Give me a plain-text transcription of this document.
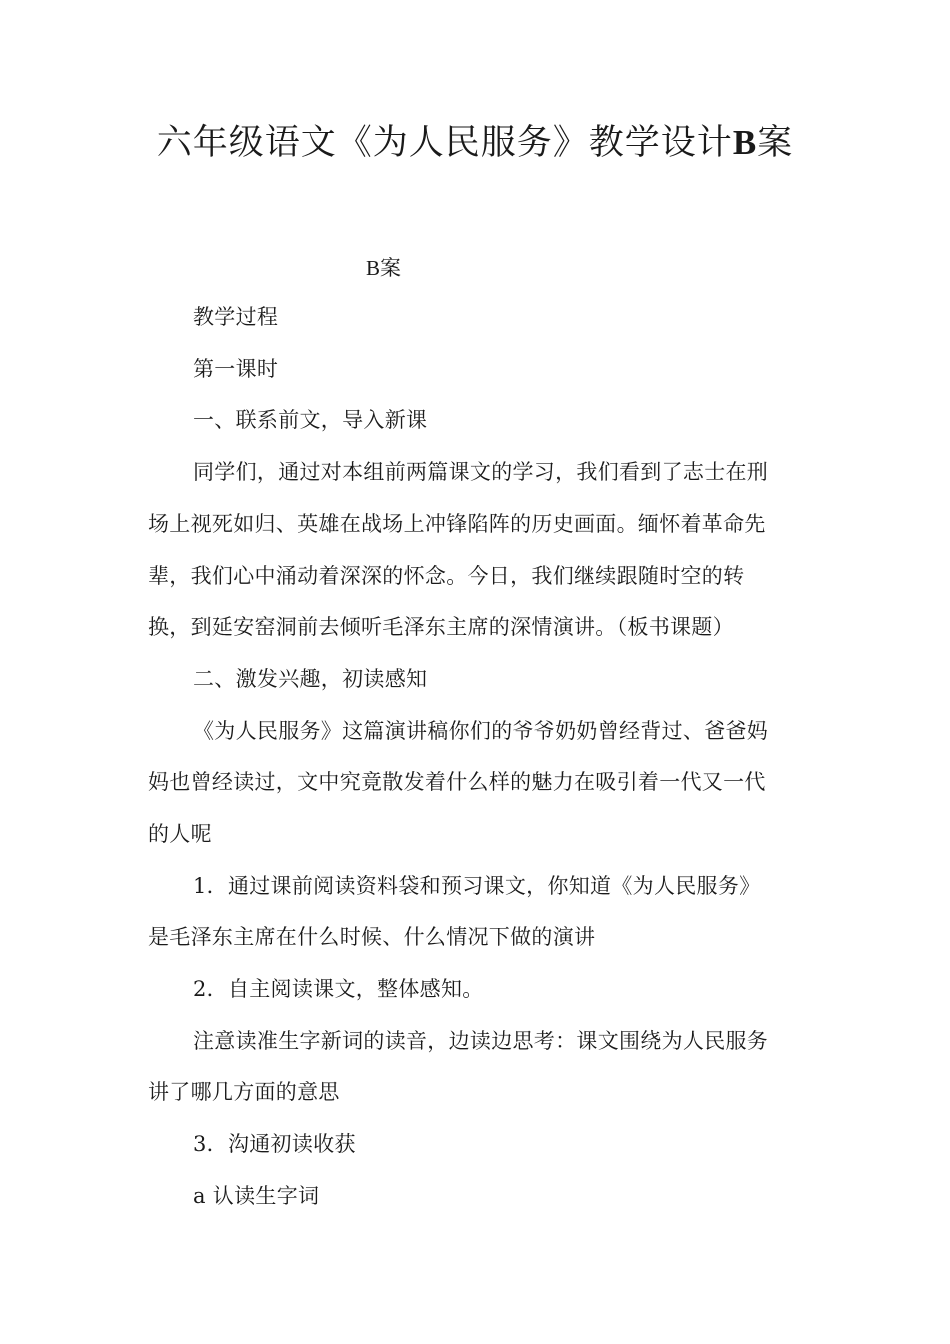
六年级语文《为人民服务》教学设计B案
B案
教学过程
第一课时
一、联系前文，导入新课
同学们，通过对本组前两篇课文的学习，我们看到了志士在刑
场上视死如归、英雄在战场上冲锋陷阵的历史画面。缅怀着革命先
辈，我们心中涌动着深深的怀念。今日，我们继续跟随时空的转
换，到延安窑洞前去倾听毛泽东主席的深情演讲。（板书课题）
二、激发兴趣，初读感知
《为人民服务》这篇演讲稿你们的爷爷奶奶曾经背过、爸爸妈
妈也曾经读过，文中究竟散发着什么样的魅力在吸引着一代又一代
的人呢
1．通过课前阅读资料袋和预习课文，你知道《为人民服务》
是毛泽东主席在什么时候、什么情况下做的演讲
2．自主阅读课文，整体感知。
注意读准生字新词的读音，边读边思考：课文围绕为人民服务
讲了哪几方面的意思
3．沟通初读收获
a 认读生字词
